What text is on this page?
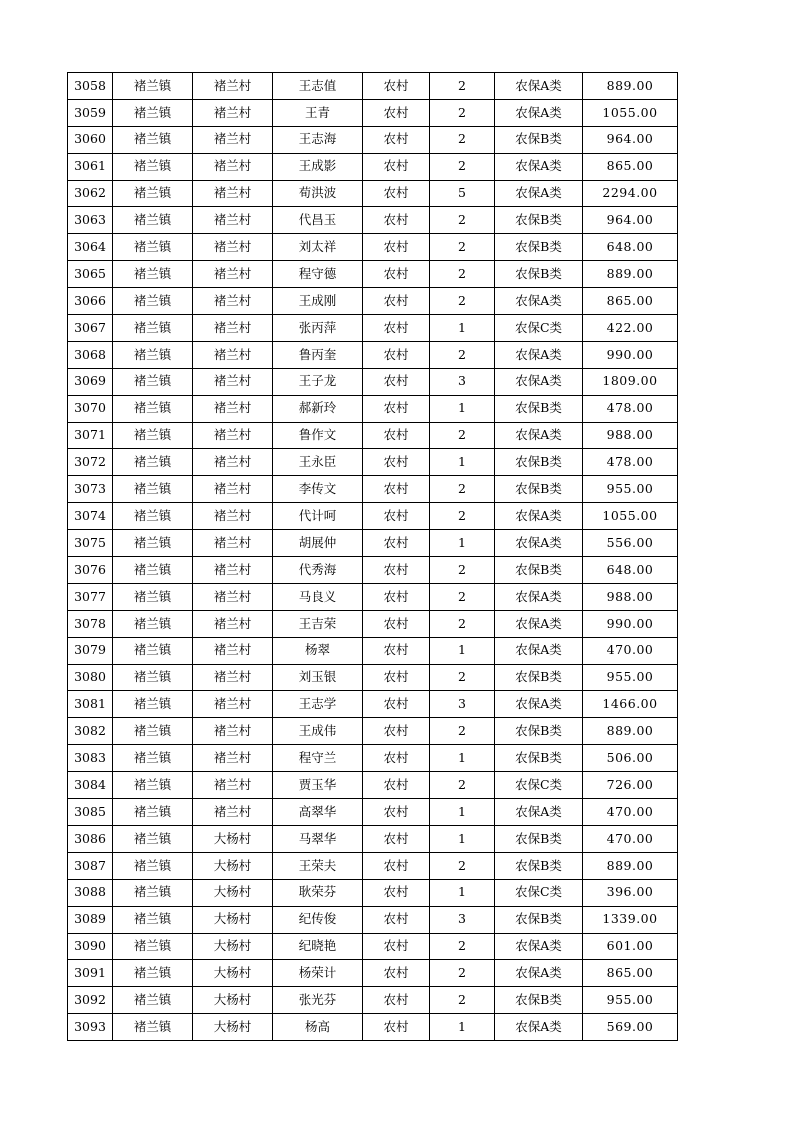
3058	褚兰镇	褚兰村	王志值	农村	2	农保A类	889.00
3059	褚兰镇	褚兰村	王青	农村	2	农保A类	1055.00
3060	褚兰镇	褚兰村	王志海	农村	2	农保B类	964.00
3061	褚兰镇	褚兰村	王成影	农村	2	农保A类	865.00
3062	褚兰镇	褚兰村	荀洪波	农村	5	农保A类	2294.00
3063	褚兰镇	褚兰村	代昌玉	农村	2	农保B类	964.00
3064	褚兰镇	褚兰村	刘太祥	农村	2	农保B类	648.00
3065	褚兰镇	褚兰村	程守德	农村	2	农保B类	889.00
3066	褚兰镇	褚兰村	王成刚	农村	2	农保A类	865.00
3067	褚兰镇	褚兰村	张丙萍	农村	1	农保C类	422.00
3068	褚兰镇	褚兰村	鲁丙奎	农村	2	农保A类	990.00
3069	褚兰镇	褚兰村	王子龙	农村	3	农保A类	1809.00
3070	褚兰镇	褚兰村	郝新玲	农村	1	农保B类	478.00
3071	褚兰镇	褚兰村	鲁作文	农村	2	农保A类	988.00
3072	褚兰镇	褚兰村	王永臣	农村	1	农保B类	478.00
3073	褚兰镇	褚兰村	李传文	农村	2	农保B类	955.00
3074	褚兰镇	褚兰村	代计呵	农村	2	农保A类	1055.00
3075	褚兰镇	褚兰村	胡展仲	农村	1	农保A类	556.00
3076	褚兰镇	褚兰村	代秀海	农村	2	农保B类	648.00
3077	褚兰镇	褚兰村	马良义	农村	2	农保A类	988.00
3078	褚兰镇	褚兰村	王吉荣	农村	2	农保A类	990.00
3079	褚兰镇	褚兰村	杨翠	农村	1	农保A类	470.00
3080	褚兰镇	褚兰村	刘玉银	农村	2	农保B类	955.00
3081	褚兰镇	褚兰村	王志学	农村	3	农保A类	1466.00
3082	褚兰镇	褚兰村	王成伟	农村	2	农保B类	889.00
3083	褚兰镇	褚兰村	程守兰	农村	1	农保B类	506.00
3084	褚兰镇	褚兰村	贾玉华	农村	2	农保C类	726.00
3085	褚兰镇	褚兰村	高翠华	农村	1	农保A类	470.00
3086	褚兰镇	大杨村	马翠华	农村	1	农保B类	470.00
3087	褚兰镇	大杨村	王荣夫	农村	2	农保B类	889.00
3088	褚兰镇	大杨村	耿荣芬	农村	1	农保C类	396.00
3089	褚兰镇	大杨村	纪传俊	农村	3	农保B类	1339.00
3090	褚兰镇	大杨村	纪晓艳	农村	2	农保A类	601.00
3091	褚兰镇	大杨村	杨荣计	农村	2	农保A类	865.00
3092	褚兰镇	大杨村	张光芬	农村	2	农保B类	955.00
3093	褚兰镇	大杨村	杨高	农村	1	农保A类	569.00
